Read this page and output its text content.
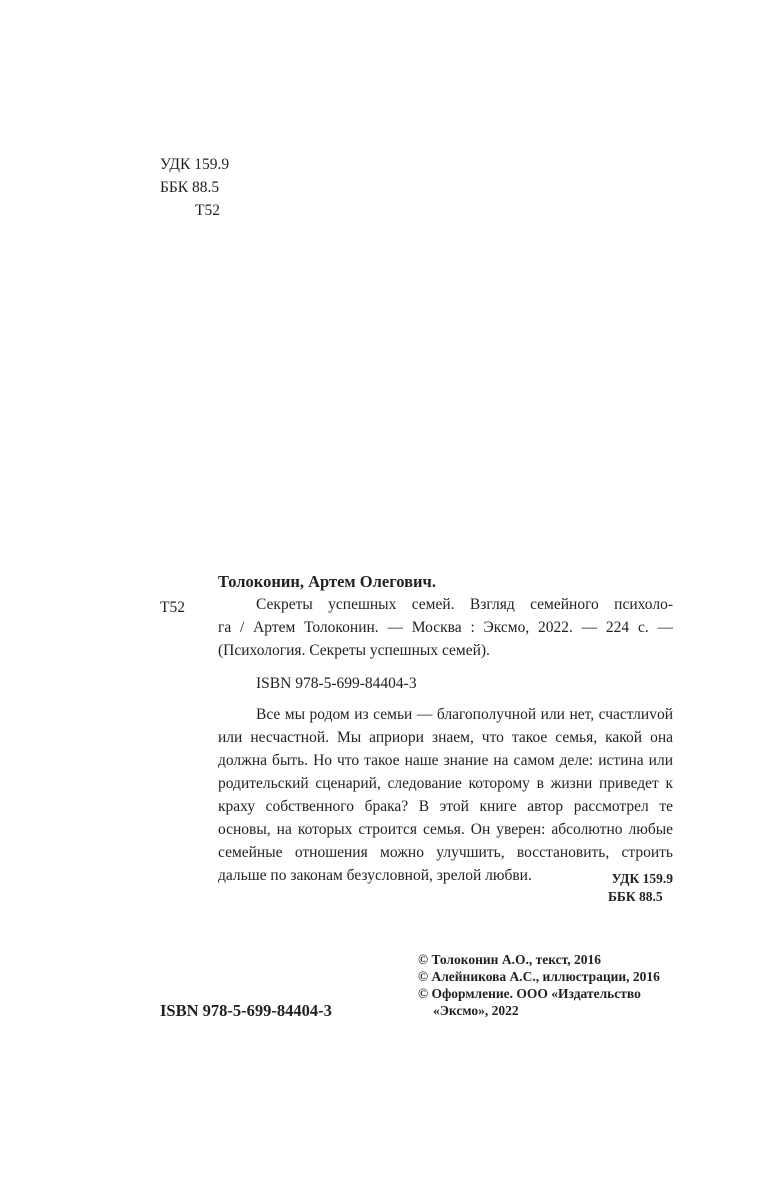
УДК 159.9
ББК 88.5
Т52
Толоконин, Артем Олегович.
Т52	Секреты успешных семей. Взгляд семейного психоло-
га / Артем Толоконин. — Москва : Эксмо, 2022. — 224 с. —
(Психология. Секреты успешных семей).
ISBN 978-5-699-84404-3
Все мы родом из семьи — благополучной или нет, счастлиvой или несчастной. Мы априори знаем, что такое семья, какой она должна быть. Но что такое наше знание на самом деле: истина или родительский сценарий, следование которому в жизни приведет к краху собственного брака? В этой книге автор рассмотрел те основы, на которых строится семья. Он уверен: абсолютно любые семейные отношения можно улучшить, восстановить, строить дальше по законам безусловной, зрелой любви.	УДК 159.9
ББК 88.5
ISBN 978-5-699-84404-3
© Толоконин А.О., текст, 2016
© Алейникова А.С., иллюстрации, 2016
© Оформление. ООО «Издательство
«Эксмо», 2022
